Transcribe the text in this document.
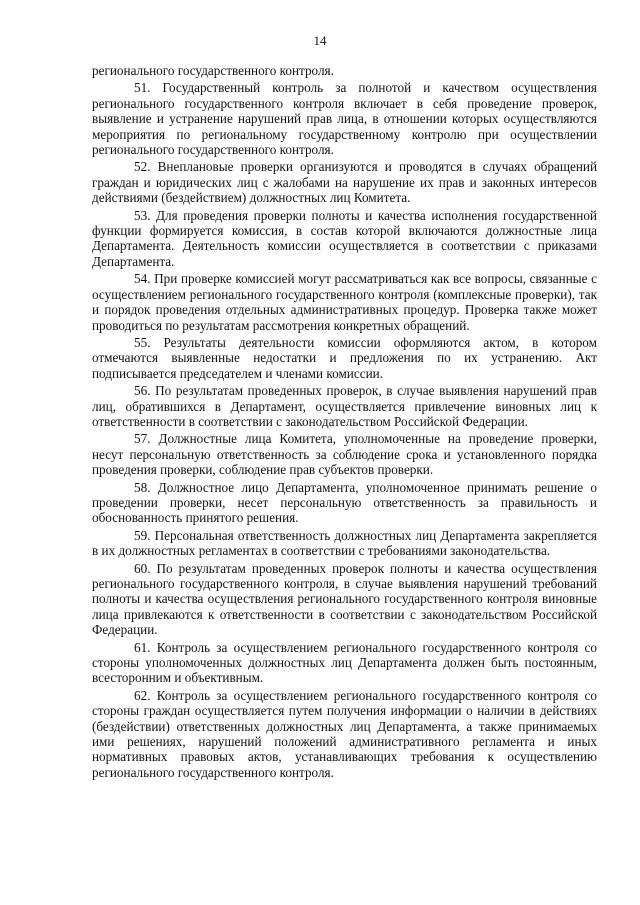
14

регионального государственного контроля.

51. Государственный контроль за полнотой и качеством осуществления регионального государственного контроля включает в себя проведение проверок, выявление и устранение нарушений прав лица, в отношении которых осуществляются мероприятия по региональному государственному контролю при осуществлении регионального государственного контроля.

52. Внеплановые проверки организуются и проводятся в случаях обращений граждан и юридических лиц с жалобами на нарушение их прав и законных интересов действиями (бездействием) должностных лиц Комитета.

53. Для проведения проверки полноты и качества исполнения государственной функции формируется комиссия, в состав которой включаются должностные лица Департамента. Деятельность комиссии осуществляется в соответствии с приказами Департамента.

54. При проверке комиссией могут рассматриваться как все вопросы, связанные с осуществлением регионального государственного контроля (комплексные проверки), так и порядок проведения отдельных административных процедур. Проверка также может проводиться по результатам рассмотрения конкретных обращений.

55. Результаты деятельности комиссии оформляются актом, в котором отмечаются выявленные недостатки и предложения по их устранению. Акт подписывается председателем и членами комиссии.

56. По результатам проведенных проверок, в случае выявления нарушений прав лиц, обратившихся в Департамент, осуществляется привлечение виновных лиц к ответственности в соответствии с законодательством Российской Федерации.

57. Должностные лица Комитета, уполномоченные на проведение проверки, несут персональную ответственность за соблюдение срока и установленного порядка проведения проверки, соблюдение прав субъектов проверки.

58. Должностное лицо Департамента, уполномоченное принимать решение о проведении проверки, несет персональную ответственность за правильность и обоснованность принятого решения.

59. Персональная ответственность должностных лиц Департамента закрепляется в их должностных регламентах в соответствии с требованиями законодательства.

60. По результатам проведенных проверок полноты и качества осуществления регионального государственного контроля, в случае выявления нарушений требований полноты и качества осуществления регионального государственного контроля виновные лица привлекаются к ответственности в соответствии с законодательством Российской Федерации.

61. Контроль за осуществлением регионального государственного контроля со стороны уполномоченных должностных лиц Департамента должен быть постоянным, всесторонним и объективным.

62. Контроль за осуществлением регионального государственного контроля со стороны граждан осуществляется путем получения информации о наличии в действиях (бездействии) ответственных должностных лиц Департамента, а также принимаемых ими решениях, нарушений положений административного регламента и иных нормативных правовых актов, устанавливающих требования к осуществлению регионального государственного контроля.
